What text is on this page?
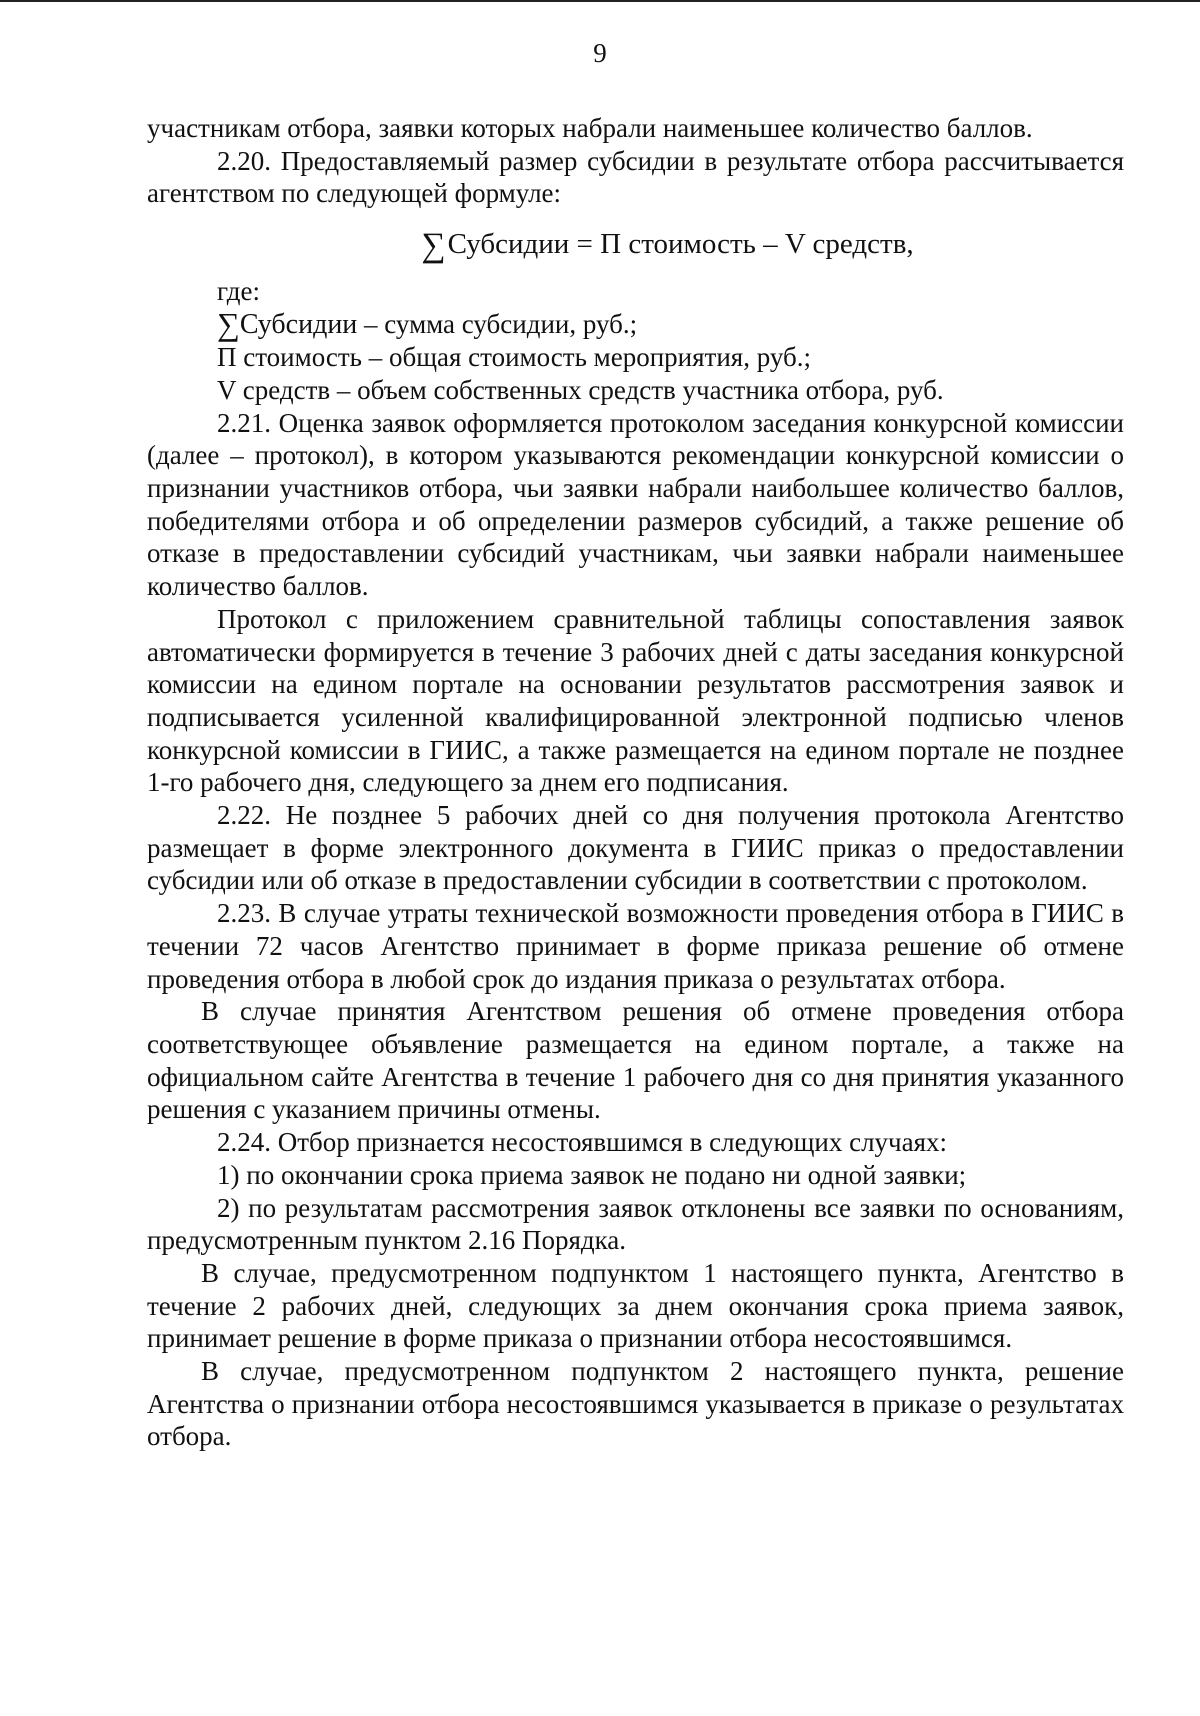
9

участникам отбора, заявки которых набрали наименьшее количество баллов.

2.20. Предоставляемый размер субсидии в результате отбора рассчитывается агентством по следующей формуле:

∑Субсидии = П стоимость – V средств,

где:

∑Субсидии – сумма субсидии, руб.;

П стоимость – общая стоимость мероприятия, руб.;

V средств – объем собственных средств участника отбора, руб.

2.21. Оценка заявок оформляется протоколом заседания конкурсной комиссии (далее – протокол), в котором указываются рекомендации конкурсной комиссии о признании участников отбора, чьи заявки набрали наибольшее количество баллов, победителями отбора и об определении размеров субсидий, а также решение об отказе в предоставлении субсидий участникам, чьи заявки набрали наименьшее количество баллов.

Протокол с приложением сравнительной таблицы сопоставления заявок автоматически формируется в течение 3 рабочих дней с даты заседания конкурсной комиссии на едином портале на основании результатов рассмотрения заявок и подписывается усиленной квалифицированной электронной подписью членов конкурсной комиссии в ГИИС, а также размещается на едином портале не позднее 1-го рабочего дня, следующего за днем его подписания.

2.22. Не позднее 5 рабочих дней со дня получения протокола Агентство размещает в форме электронного документа в ГИИС приказ о предоставлении субсидии или об отказе в предоставлении субсидии в соответствии с протоколом.

2.23. В случае утраты технической возможности проведения отбора в ГИИС в течении 72 часов Агентство принимает в форме приказа решение об отмене проведения отбора в любой срок до издания приказа о результатах отбора.

В случае принятия Агентством решения об отмене проведения отбора соответствующее объявление размещается на едином портале, а также на официальном сайте Агентства в течение 1 рабочего дня со дня принятия указанного решения с указанием причины отмены.

2.24. Отбор признается несостоявшимся в следующих случаях:

1) по окончании срока приема заявок не подано ни одной заявки;

2) по результатам рассмотрения заявок отклонены все заявки по основаниям, предусмотренным пунктом 2.16 Порядка.

В случае, предусмотренном подпунктом 1 настоящего пункта, Агентство в течение 2 рабочих дней, следующих за днем окончания срока приема заявок, принимает решение в форме приказа о признании отбора несостоявшимся.

В случае, предусмотренном подпунктом 2 настоящего пункта, решение Агентства о признании отбора несостоявшимся указывается в приказе о результатах отбора.
